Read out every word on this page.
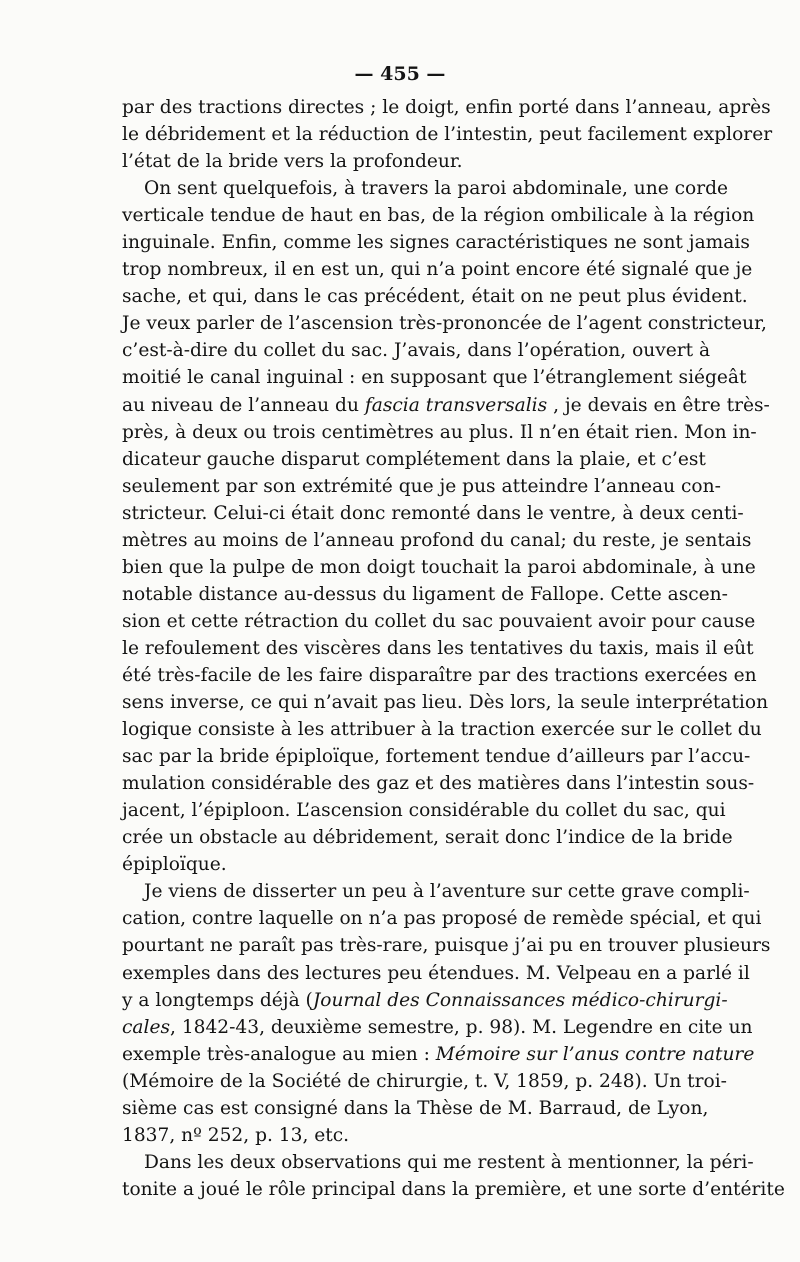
— 455 —

par des tractions directes ; le doigt, enfin porté dans l’anneau, après
le débridement et la réduction de l’intestin, peut facilement explorer
l’état de la bride vers la profondeur.

On sent quelquefois, à travers la paroi abdominale, une corde
verticale tendue de haut en bas, de la région ombilicale à la région
inguinale. Enfin, comme les signes caractéristiques ne sont jamais
trop nombreux, il en est un, qui n’a point encore été signalé que je
sache, et qui, dans le cas précédent, était on ne peut plus évident.
Je veux parler de l’ascension très-prononcée de l’agent constricteur,
c’est-à-dire du collet du sac. J’avais, dans l’opération, ouvert à
moitié le canal inguinal : en supposant que l’étranglement siégeât
au niveau de l’anneau du fascia transversalis , je devais en être très-
près, à deux ou trois centimètres au plus. Il n’en était rien. Mon in-
dicateur gauche disparut complétement dans la plaie, et c’est
seulement par son extrémité que je pus atteindre l’anneau con-
stricteur. Celui-ci était donc remonté dans le ventre, à deux centi-
mètres au moins de l’anneau profond du canal; du reste, je sentais
bien que la pulpe de mon doigt touchait la paroi abdominale, à une
notable distance au-dessus du ligament de Fallope. Cette ascen-
sion et cette rétraction du collet du sac pouvaient avoir pour cause
le refoulement des viscères dans les tentatives du taxis, mais il eût
été très-facile de les faire disparaître par des tractions exercées en
sens inverse, ce qui n’avait pas lieu. Dès lors, la seule interprétation
logique consiste à les attribuer à la traction exercée sur le collet du
sac par la bride épiploïque, fortement tendue d’ailleurs par l’accu-
mulation considérable des gaz et des matières dans l’intestin sous-
jacent, l’épiploon. L’ascension considérable du collet du sac, qui
crée un obstacle au débridement, serait donc l’indice de la bride
épiploïque.

Je viens de disserter un peu à l’aventure sur cette grave compli-
cation, contre laquelle on n’a pas proposé de remède spécial, et qui
pourtant ne paraît pas très-rare, puisque j’ai pu en trouver plusieurs
exemples dans des lectures peu étendues. M. Velpeau en a parlé il
y a longtemps déjà (Journal des Connaissances médico-chirurgi-
cales, 1842-43, deuxième semestre, p. 98). M. Legendre en cite un
exemple très-analogue au mien : Mémoire sur l’anus contre nature
(Mémoire de la Société de chirurgie, t. V, 1859, p. 248). Un troi-
sième cas est consigné dans la Thèse de M. Barraud, de Lyon,
1837, nº 252, p. 13, etc.

Dans les deux observations qui me restent à mentionner, la péri-
tonite a joué le rôle principal dans la première, et une sorte d’entérite
